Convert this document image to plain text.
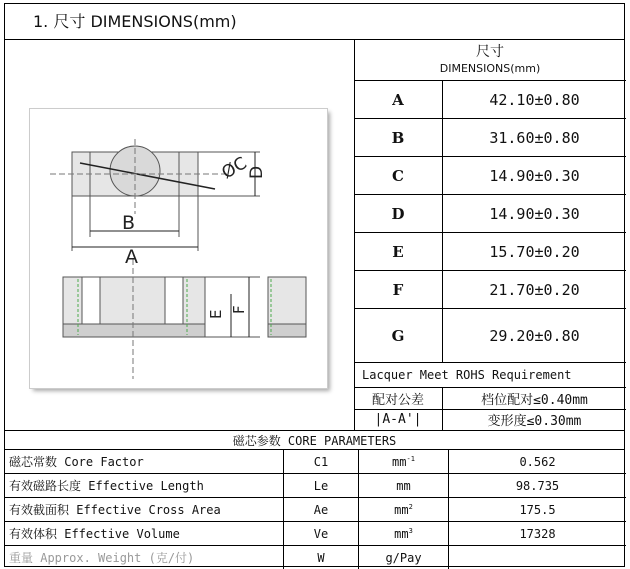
1. 尺寸 DIMENSIONS(mm)
B
A
ØC
D
E F
尺寸
DIMENSIONS(mm)	

A	42.10±0.80
B	31.60±0.80
C	14.90±0.30
D	14.90±0.30
E	15.70±0.20
F	21.70±0.20
G	29.20±0.80
Lacquer Meet ROHS Requirement
配对公差	档位配对≤0.40mm
|A-A'|	变形度≤0.30mm
磁芯参数 CORE PARAMETERS
磁芯常数 Core Factor	C1	$mm^{-1}$	0.562
有效磁路长度 Effective Length	Le	mm	98.735
有效截面积 Effective Cross Area	Ae	$mm^2$	175.5
有效体积 Effective Volume	Ve	$mm^3$	17328
重量 Approx. Weight (克/付)	W	g/Pay	
